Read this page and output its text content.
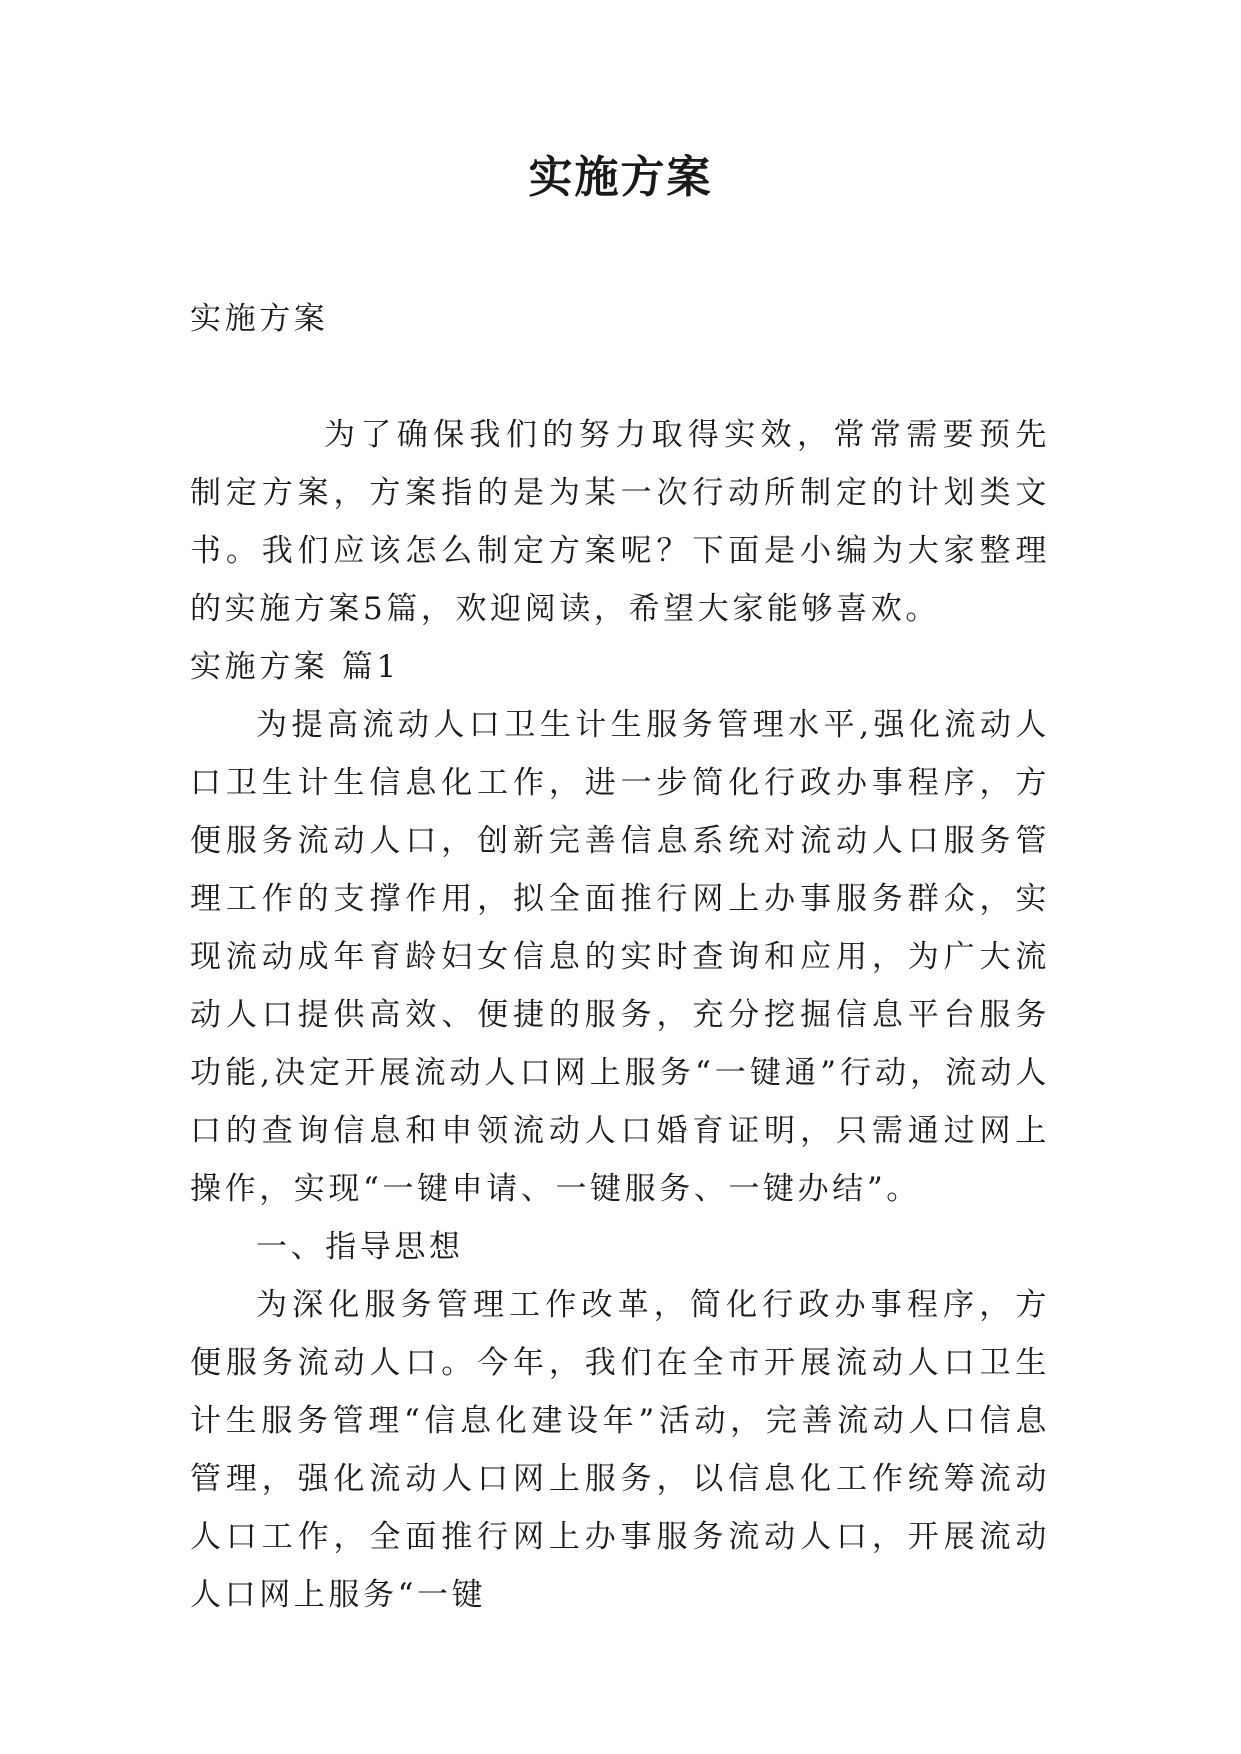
实施方案

实施方案

为了确保我们的努力取得实效，常常需要预先制定方案，方案指的是为某一次行动所制定的计划类文书。我们应该怎么制定方案呢？下面是小编为大家整理的实施方案5篇，欢迎阅读，希望大家能够喜欢。

实施方案 篇1

为提高流动人口卫生计生服务管理水平,强化流动人口卫生计生信息化工作，进一步简化行政办事程序，方便服务流动人口，创新完善信息系统对流动人口服务管理工作的支撑作用，拟全面推行网上办事服务群众，实现流动成年育龄妇女信息的实时查询和应用，为广大流动人口提供高效、便捷的服务，充分挖掘信息平台服务功能,决定开展流动人口网上服务“一键通”行动，流动人口的查询信息和申领流动人口婚育证明，只需通过网上操作，实现“一键申请、一键服务、一键办结”。

一、指导思想

为深化服务管理工作改革，简化行政办事程序，方便服务流动人口。今年，我们在全市开展流动人口卫生计生服务管理“信息化建设年”活动，完善流动人口信息管理，强化流动人口网上服务，以信息化工作统筹流动人口工作，全面推行网上办事服务流动人口，开展流动人口网上服务“一键
